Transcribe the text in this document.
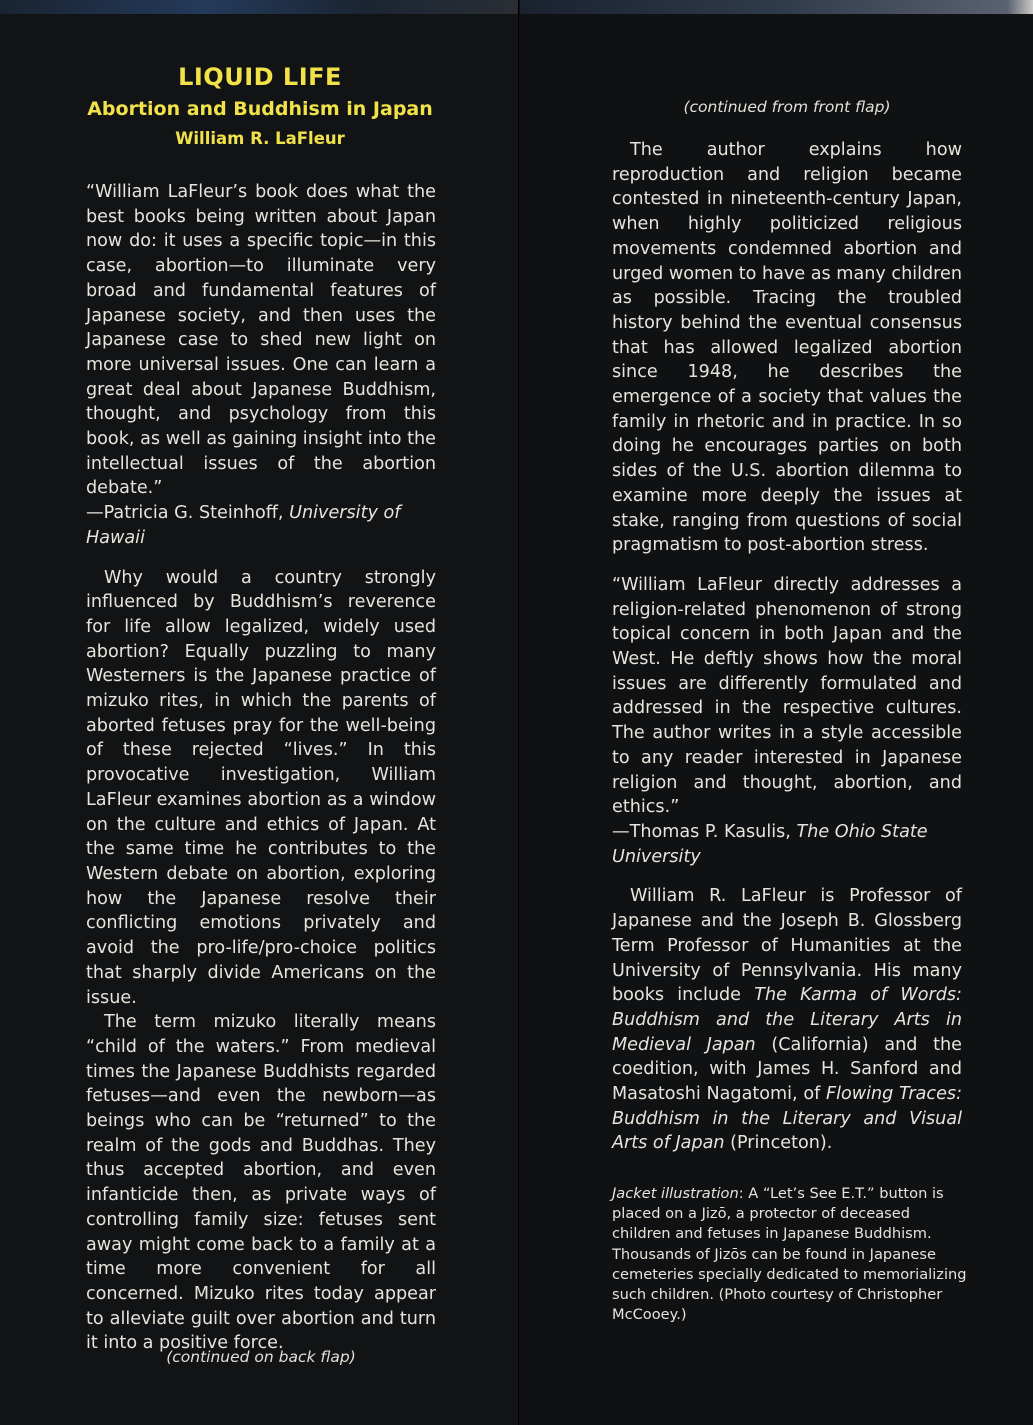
LIQUID LIFE
Abortion and Buddhism in Japan
William R. LaFleur

“William LaFleur’s book does what the best books being written about Japan now do: it uses a specific topic—in this case, abortion—to illuminate very broad and fundamental features of Japanese society, and then uses the Japanese case to shed new light on more universal issues. One can learn a great deal about Japanese Buddhism, thought, and psychology from this book, as well as gaining insight into the intellectual issues of the abortion debate.”

—Patricia G. Steinhoff, University of Hawaii

Why would a country strongly influenced by Buddhism’s reverence for life allow legalized, widely used abortion? Equally puzzling to many Westerners is the Japanese practice of mizuko rites, in which the parents of aborted fetuses pray for the well-being of these rejected “lives.” In this provocative investigation, William LaFleur examines abortion as a window on the culture and ethics of Japan. At the same time he contributes to the Western debate on abortion, exploring how the Japanese resolve their conflicting emotions privately and avoid the pro-life/pro-choice politics that sharply divide Americans on the issue.

The term mizuko literally means “child of the waters.” From medieval times the Japanese Buddhists regarded fetuses—and even the newborn—as beings who can be “returned” to the realm of the gods and Buddhas. They thus accepted abortion, and even infanticide then, as private ways of controlling family size: fetuses sent away might come back to a family at a time more convenient for all concerned. Mizuko rites today appear to alleviate guilt over abortion and turn it into a positive force.

(continued on back flap)
(continued from front flap)

The author explains how reproduction and religion became contested in nineteenth-century Japan, when highly politicized religious movements condemned abortion and urged women to have as many children as possible. Tracing the troubled history behind the eventual consensus that has allowed legalized abortion since 1948, he describes the emergence of a society that values the family in rhetoric and in practice. In so doing he encourages parties on both sides of the U.S. abortion dilemma to examine more deeply the issues at stake, ranging from questions of social pragmatism to post-abortion stress.

“William LaFleur directly addresses a religion-related phenomenon of strong topical concern in both Japan and the West. He deftly shows how the moral issues are differently formulated and addressed in the respective cultures. The author writes in a style accessible to any reader interested in Japanese religion and thought, abortion, and ethics.”

—Thomas P. Kasulis, The Ohio State University

William R. LaFleur is Professor of Japanese and the Joseph B. Glossberg Term Professor of Humanities at the University of Pennsylvania. His many books include The Karma of Words: Buddhism and the Literary Arts in Medieval Japan (California) and the coedition, with James H. Sanford and Masatoshi Nagatomi, of Flowing Traces: Buddhism in the Literary and Visual Arts of Japan (Princeton).

Jacket illustration: A “Let’s See E.T.” button is placed on a Jizō, a protector of deceased children and fetuses in Japanese Buddhism. Thousands of Jizōs can be found in Japanese cemeteries specially dedicated to memorializing such children. (Photo courtesy of Christopher McCooey.)
